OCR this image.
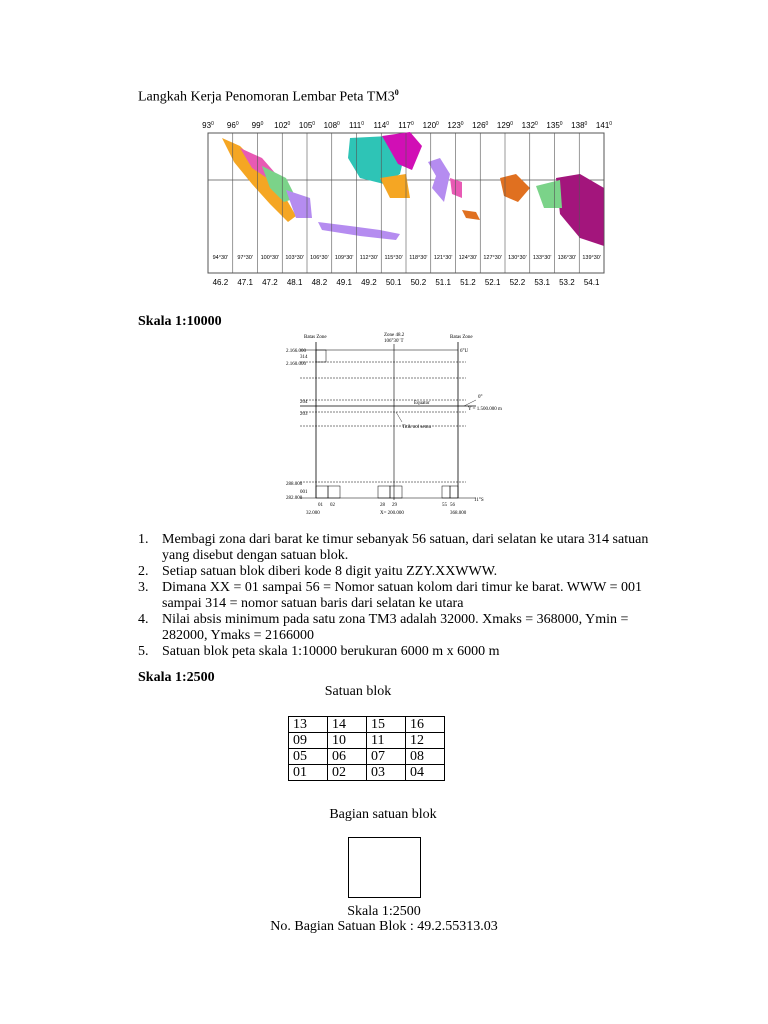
Langkah Kerja Penomoran Lembar Peta $TM3^0$
$93^0$ $96^0$ $99^0$ $102^0$ $105^0$ $108^0$ $111^0$ $114^0$ $117^0$ $120^0$ $123^0$ $126^0$ $129^0$ $132^0$ $135^0$ $138^0$ $141^0$
94°30' 97°30' 100°30' 103°30' 106°30' 109°30' 112°30' 115°30' 118°30' 121°30' 124°30' 127°30' 130°30' 133°30' 136°30' 139°30'
46.2 47.1 47.2 48.1 48.2 49.1 49.2 50.1 50.2 51.1 51.2 52.1 52.2 53.1 53.2 54.1
Skala 1:10000
Batas Zone	Zone 48.2
106°30' T
Batas Zone
6°U
2.166.000
314
2.160.000
204
203
288.000
001
282.000
0°
Equator
Y = 1.500.000 m
Titik nol semu
11°S
01 02	28 29	55 56
32.000	X= 200.000	368.000
1. Membagi zona dari barat ke timur sebanyak 56 satuan, dari selatan ke utara 314 satuan yang disebut dengan satuan blok.
2. Setiap satuan blok diberi kode 8 digit yaitu ZZY.XXWWW.
3. Dimana XX = 01 sampai 56 = Nomor satuan kolom dari timur ke barat. WWW = 001 sampai 314 = nomor satuan baris dari selatan ke utara
4. Nilai absis minimum pada satu zona TM3 adalah 32000. Xmaks = 368000, Ymin = 282000, Ymaks = 2166000
5. Satuan blok peta skala 1:10000 berukuran 6000 m x 6000 m
Skala 1:2500
Satuan blok
13	14	15	16
09	10	11	12
05	06	07	08
01	02	03	04
Bagian satuan blok
Skala 1:2500
No. Bagian Satuan Blok : 49.2.55313.03
